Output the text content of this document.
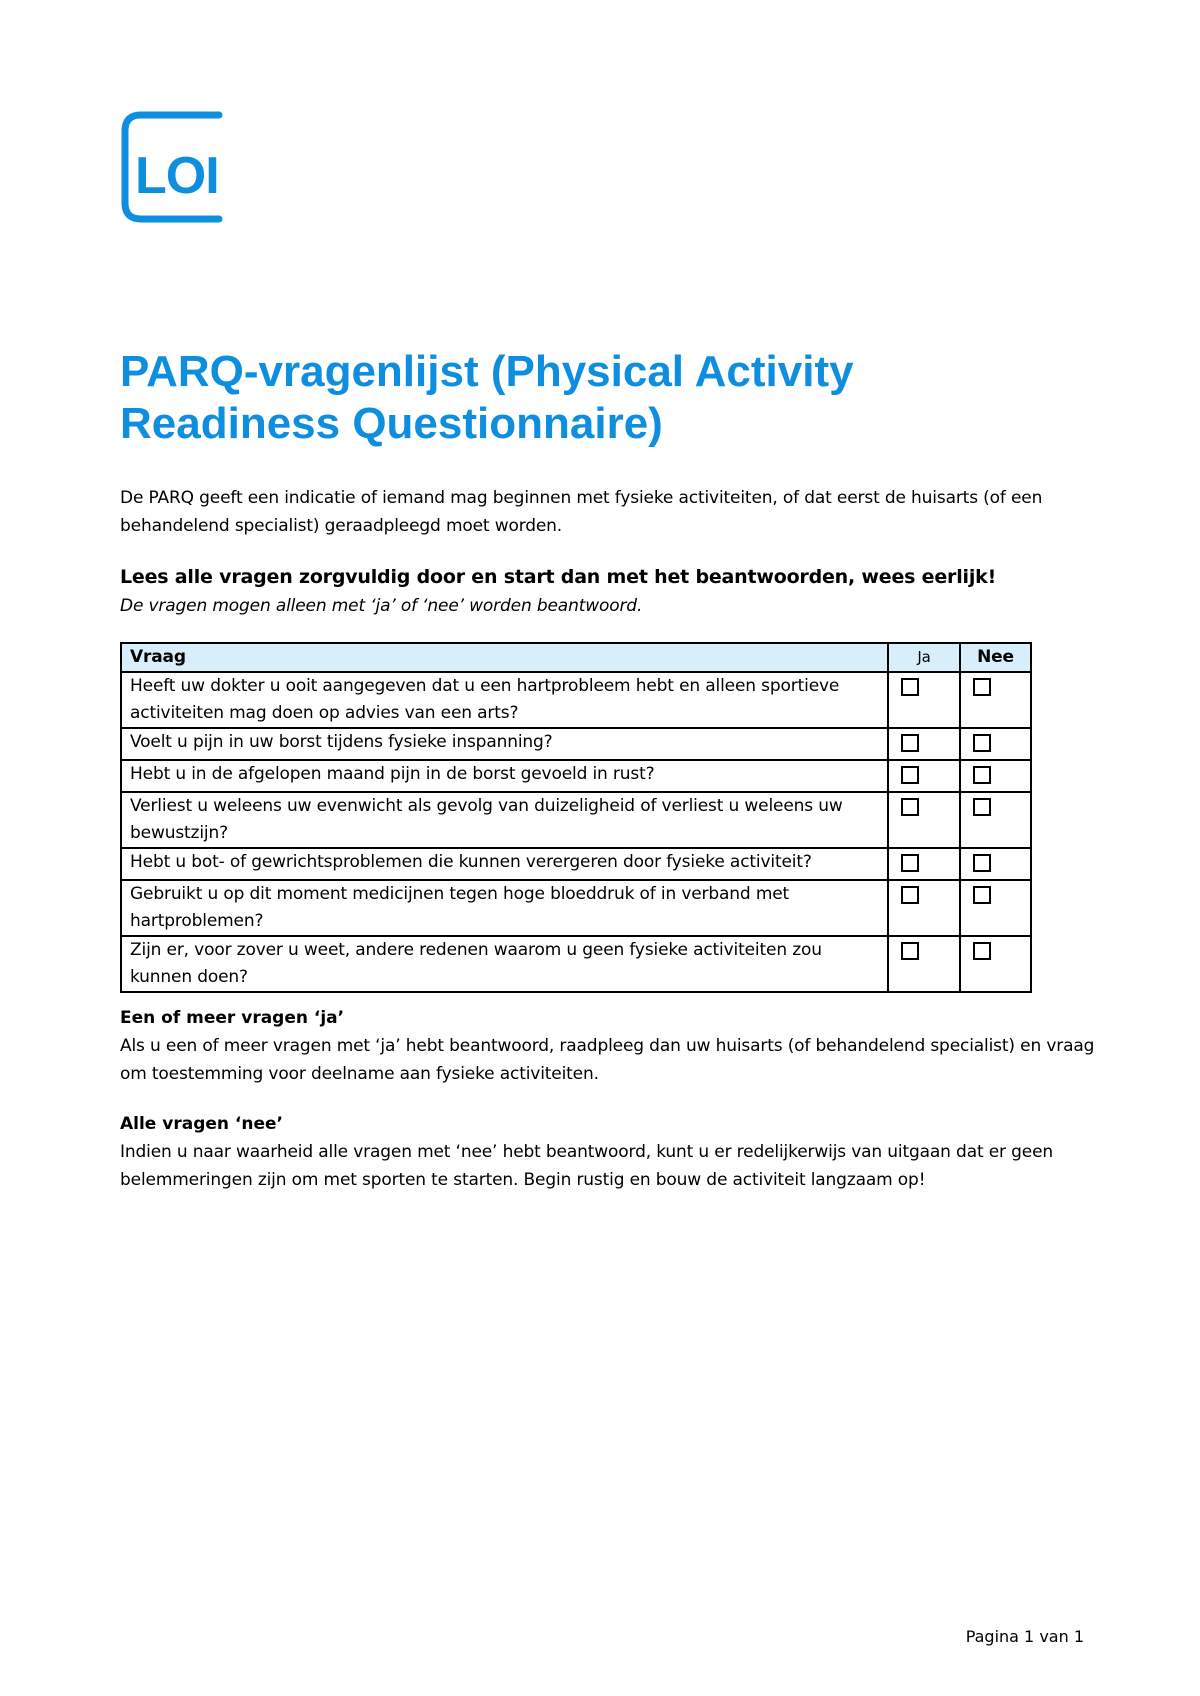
LOI
PARQ-vragenlijst (Physical Activity Readiness Questionnaire)

De PARQ geeft een indicatie of iemand mag beginnen met fysieke activiteiten, of dat eerst de huisarts (of een behandelend specialist) geraadpleegd moet worden.

Lees alle vragen zorgvuldig door en start dan met het beantwoorden, wees eerlijk!

De vragen mogen alleen met ‘ja’ of ‘nee’ worden beantwoord.

Vraag	Ja	Nee
Heeft uw dokter u ooit aangegeven dat u een hartprobleem hebt en alleen sportieve activiteiten mag doen op advies van een arts?		
Voelt u pijn in uw borst tijdens fysieke inspanning?		
Hebt u in de afgelopen maand pijn in de borst gevoeld in rust?		
Verliest u weleens uw evenwicht als gevolg van duizeligheid of verliest u weleens uw bewustzijn?		
Hebt u bot- of gewrichtsproblemen die kunnen verergeren door fysieke activiteit?		
Gebruikt u op dit moment medicijnen tegen hoge bloeddruk of in verband met hartproblemen?		
Zijn er, voor zover u weet, andere redenen waarom u geen fysieke activiteiten zou kunnen doen?		

Een of meer vragen ‘ja’

Als u een of meer vragen met ‘ja’ hebt beantwoord, raadpleeg dan uw huisarts (of behandelend specialist) en vraag om toestemming voor deelname aan fysieke activiteiten.

Alle vragen ‘nee’

Indien u naar waarheid alle vragen met ‘nee’ hebt beantwoord, kunt u er redelijkerwijs van uitgaan dat er geen belemmeringen zijn om met sporten te starten. Begin rustig en bouw de activiteit langzaam op!

Pagina 1 van 1
